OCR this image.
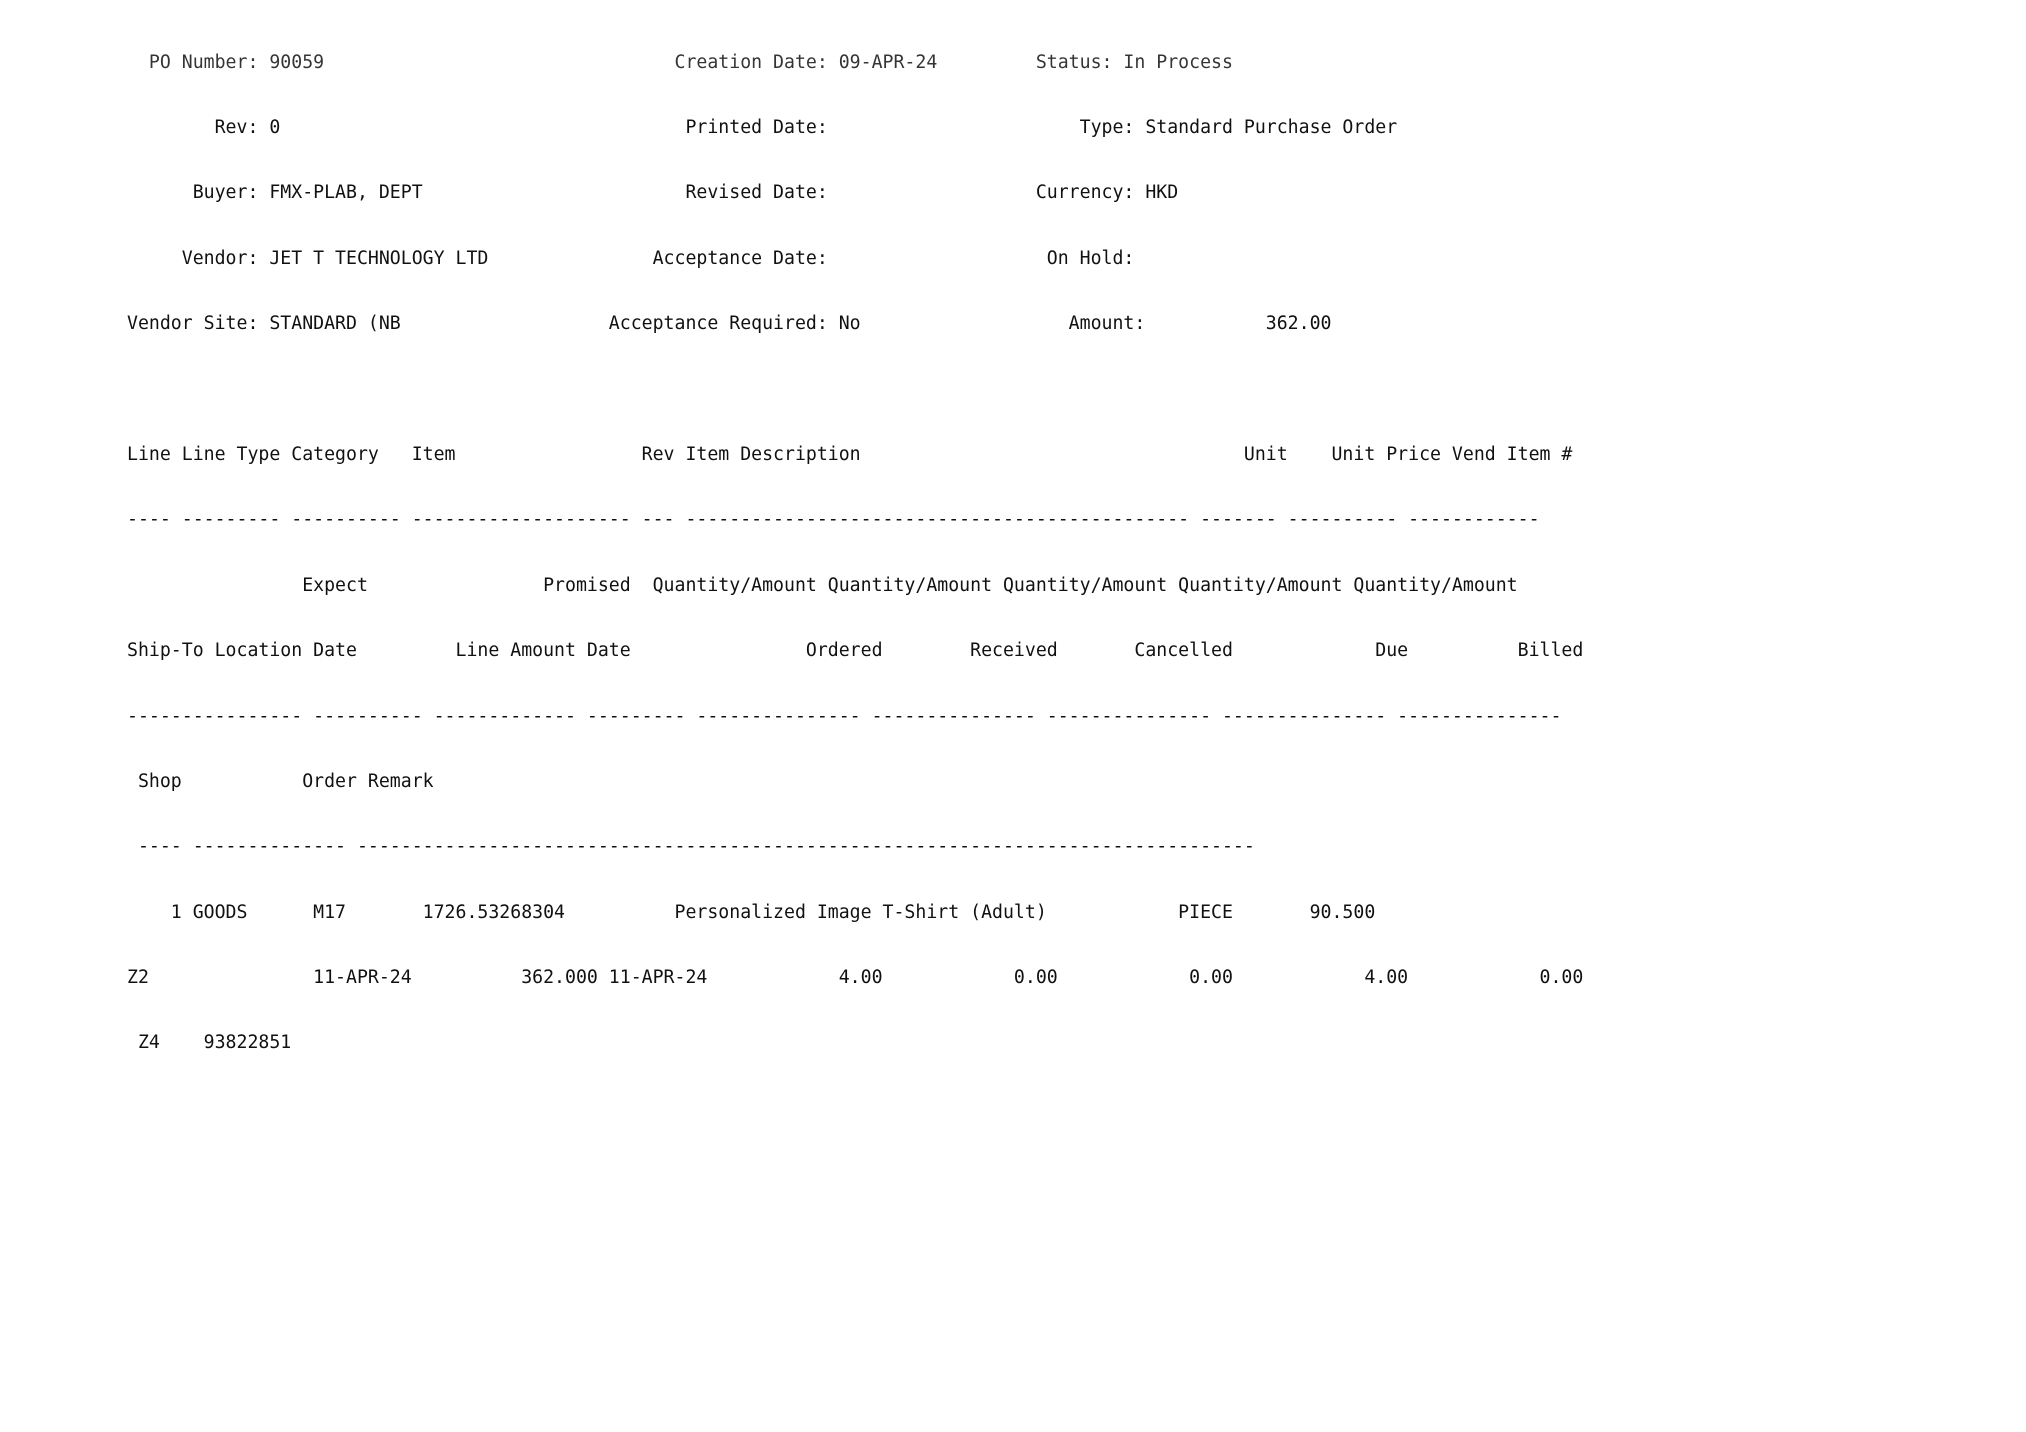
PO Number: 90059                                Creation Date: 09-APR-24         Status: In Process

Rev: 0                                     Printed Date:                       Type: Standard Purchase Order

Buyer: FMX-PLAB, DEPT                        Revised Date:                   Currency: HKD

Vendor: JET T TECHNOLOGY LTD               Acceptance Date:                    On Hold:

Vendor Site: STANDARD (NB                   Acceptance Required: No                   Amount:           362.00

Line Line Type Category   Item                 Rev Item Description                                   Unit    Unit Price Vend Item #

---- --------- ---------- -------------------- --- ---------------------------------------------- ------- ---------- ------------

Expect                Promised  Quantity/Amount Quantity/Amount Quantity/Amount Quantity/Amount Quantity/Amount

Ship-To Location Date         Line Amount Date                Ordered        Received       Cancelled             Due          Billed

---------------- ---------- ------------- --------- --------------- --------------- --------------- --------------- ---------------

Shop           Order Remark

---- -------------- ----------------------------------------------------------------------------------

1 GOODS      M17       1726.53268304          Personalized Image T-Shirt (Adult)            PIECE       90.500

Z2               11-APR-24          362.000 11-APR-24            4.00            0.00            0.00            4.00            0.00

Z4    93822851
